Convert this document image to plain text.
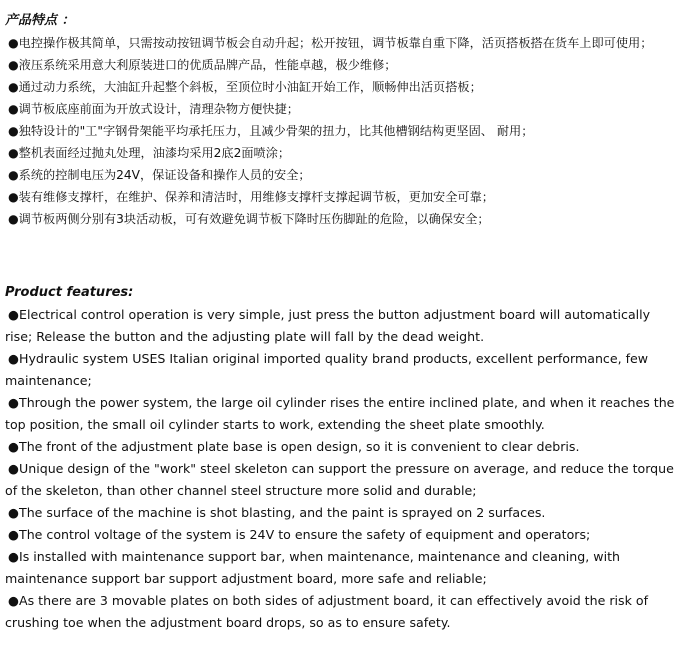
产品特点 ：

●电控操作极其简单，只需按动按钮调节板会自动升起；松开按钮，调节板靠自重下降，活页搭板搭在货车上即可使用；
●液压系统采用意大利原装进口的优质品牌产品，性能卓越，极少维修；
●通过动力系统，大油缸升起整个斜板，至顶位时小油缸开始工作，顺畅伸出活页搭板；
●调节板底座前面为开放式设计，清理杂物方便快捷；
●独特设计的"工"字钢骨架能平均承托压力，且减少骨架的扭力，比其他槽钢结构更坚固、 耐用；
●整机表面经过抛丸处理，油漆均采用2底2面喷涂；
●系统的控制电压为24V，保证设备和操作人员的安全；
●装有维修支撑杆，在维护、保养和清洁时，用维修支撑杆支撑起调节板，更加安全可靠；
●调节板两侧分别有3块活动板，可有效避免调节板下降时压伤脚趾的危险，以确保安全；

Product features:

●Electrical control operation is very simple, just press the button adjustment board will automatically rise; Release the button and the adjusting plate will fall by the dead weight.
●Hydraulic system USES Italian original imported quality brand products, excellent performance, few maintenance;
●Through the power system, the large oil cylinder rises the entire inclined plate, and when it reaches the top position, the small oil cylinder starts to work, extending the sheet plate smoothly.
●The front of the adjustment plate base is open design, so it is convenient to clear debris.
●Unique design of the "work" steel skeleton can support the pressure on average, and reduce the torque of the skeleton, than other channel steel structure more solid and durable;
●The surface of the machine is shot blasting, and the paint is sprayed on 2 surfaces.
●The control voltage of the system is 24V to ensure the safety of equipment and operators;
●Is installed with maintenance support bar, when maintenance, maintenance and cleaning, with maintenance support bar support adjustment board, more safe and reliable;
●As there are 3 movable plates on both sides of adjustment board, it can effectively avoid the risk of crushing toe when the adjustment board drops, so as to ensure safety.
